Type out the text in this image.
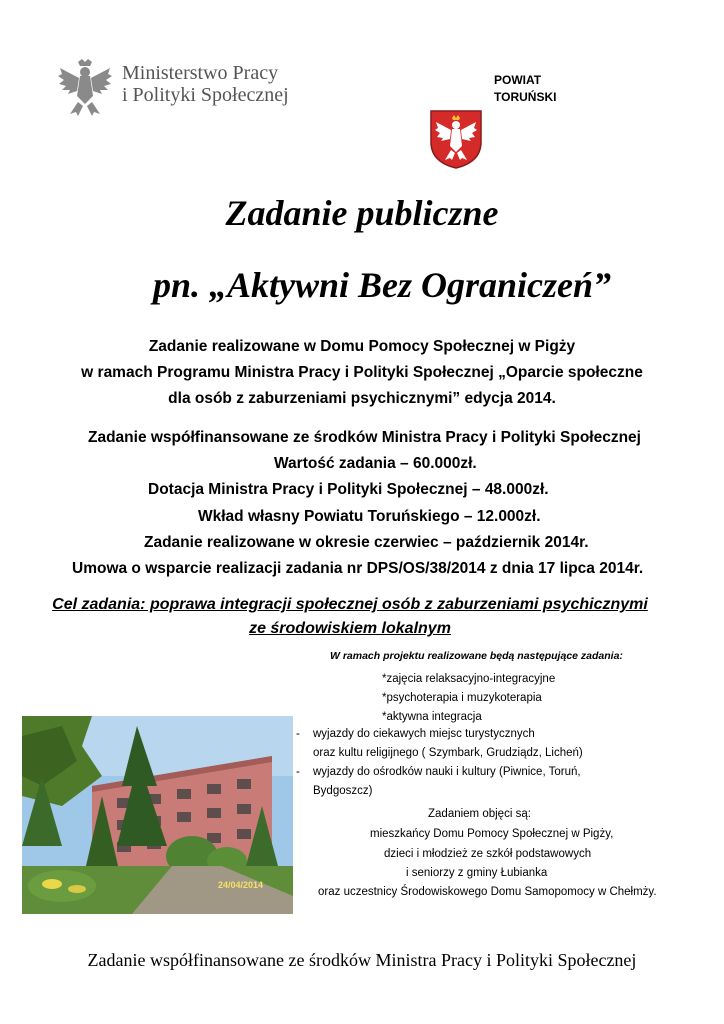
Ministerstwo Pracy
i Polityki Społecznej
POWIAT
TORUŃSKI
Zadanie publiczne
pn. „Aktywni Bez Ograniczeń”
Zadanie realizowane w Domu Pomocy Społecznej w Pigży
w ramach Programu Ministra Pracy i Polityki Społecznej „Oparcie społeczne
dla osób z zaburzeniami psychicznymi” edycja 2014.
Zadanie współfinansowane ze środków Ministra Pracy i Polityki Społecznej
Wartość zadania – 60.000zł.
Dotacja Ministra Pracy i Polityki Społecznej – 48.000zł.
Wkład własny Powiatu Toruńskiego – 12.000zł.
Zadanie realizowane w okresie czerwiec – październik 2014r.
Umowa o wsparcie realizacji zadania nr DPS/OS/38/2014 z dnia 17 lipca 2014r.
Cel zadania: poprawa integracji społecznej osób z zaburzeniami psychicznymi
ze środowiskiem lokalnym
W ramach projektu realizowane będą następujące zadania:
*zajęcia relaksacyjno-integracyjne
*psychoterapia i muzykoterapia
*aktywna integracja
- wyjazdy do ciekawych miejsc turystycznych
oraz kultu religijnego ( Szymbark, Grudziądz, Licheń)
- wyjazdy do ośrodków nauki i kultury (Piwnice, Toruń,
Bydgoszcz)
Zadaniem objęci są:
mieszkańcy Domu Pomocy Społecznej w Pigży,
dzieci i młodzież ze szkół podstawowych
i seniorzy z gminy Łubianka
oraz uczestnicy Środowiskowego Domu Samopomocy w Chełmży.
24/04/2014
Zadanie współfinansowane ze środków Ministra Pracy i Polityki Społecznej
